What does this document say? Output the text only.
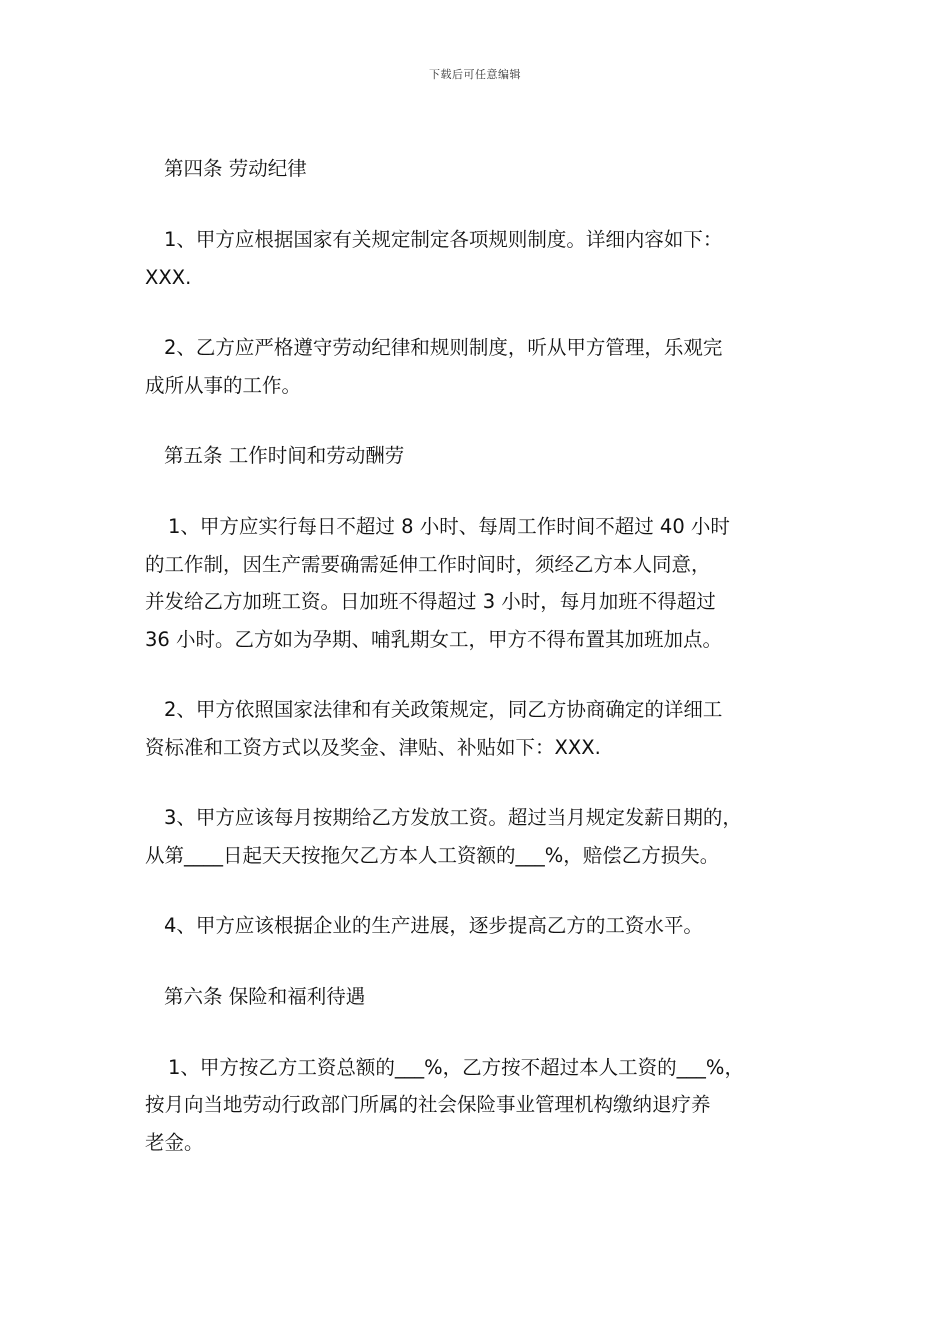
下载后可任意编辑
第四条 劳动纪律
1、甲方应根据国家有关规定制定各项规则制度。详细内容如下：
XXX.
2、乙方应严格遵守劳动纪律和规则制度，听从甲方管理，乐观完
成所从事的工作。
第五条 工作时间和劳动酬劳
1、甲方应实行每日不超过 8 小时、每周工作时间不超过 40 小时
的工作制，因生产需要确需延伸工作时间时，须经乙方本人同意，
并发给乙方加班工资。日加班不得超过 3 小时，每月加班不得超过
36 小时。乙方如为孕期、哺乳期女工，甲方不得布置其加班加点。
2、甲方依照国家法律和有关政策规定，同乙方协商确定的详细工
资标准和工资方式以及奖金、津贴、补贴如下：XXX.
3、甲方应该每月按期给乙方发放工资。超过当月规定发薪日期的，
从第____日起天天按拖欠乙方本人工资额的___%，赔偿乙方损失。
4、甲方应该根据企业的生产进展，逐步提高乙方的工资水平。
第六条 保险和福利待遇
1、甲方按乙方工资总额的___%，乙方按不超过本人工资的___%，
按月向当地劳动行政部门所属的社会保险事业管理机构缴纳退疗养
老金。
